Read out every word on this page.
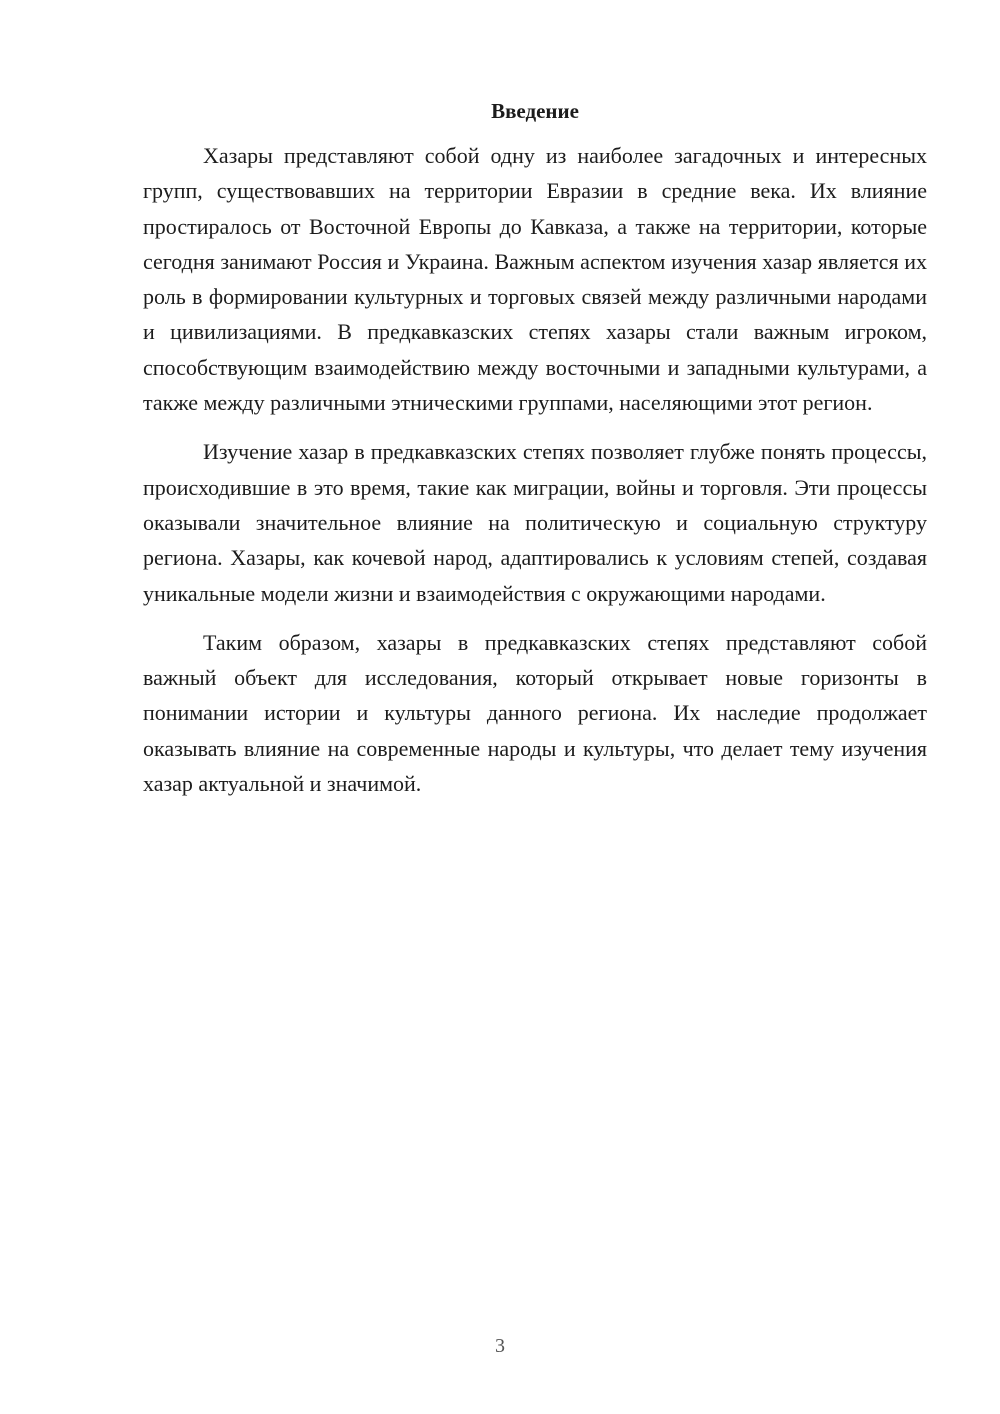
Введение

Хазары представляют собой одну из наиболее загадочных и интересных групп, существовавших на территории Евразии в средние века. Их влияние простиралось от Восточной Европы до Кавказа, а также на территории, которые сегодня занимают Россия и Украина. Важным аспектом изучения хазар является их роль в формировании культурных и торговых связей между различными народами и цивилизациями. В предкавказских степях хазары стали важным игроком, способствующим взаимодействию между восточными и западными культурами, а также между различными этническими группами, населяющими этот регион.

Изучение хазар в предкавказских степях позволяет глубже понять процессы, происходившие в это время, такие как миграции, войны и торговля. Эти процессы оказывали значительное влияние на политическую и социальную структуру региона. Хазары, как кочевой народ, адаптировались к условиям степей, создавая уникальные модели жизни и взаимодействия с окружающими народами.

Таким образом, хазары в предкавказских степях представляют собой важный объект для исследования, который открывает новые горизонты в понимании истории и культуры данного региона. Их наследие продолжает оказывать влияние на современные народы и культуры, что делает тему изучения хазар актуальной и значимой.

3
